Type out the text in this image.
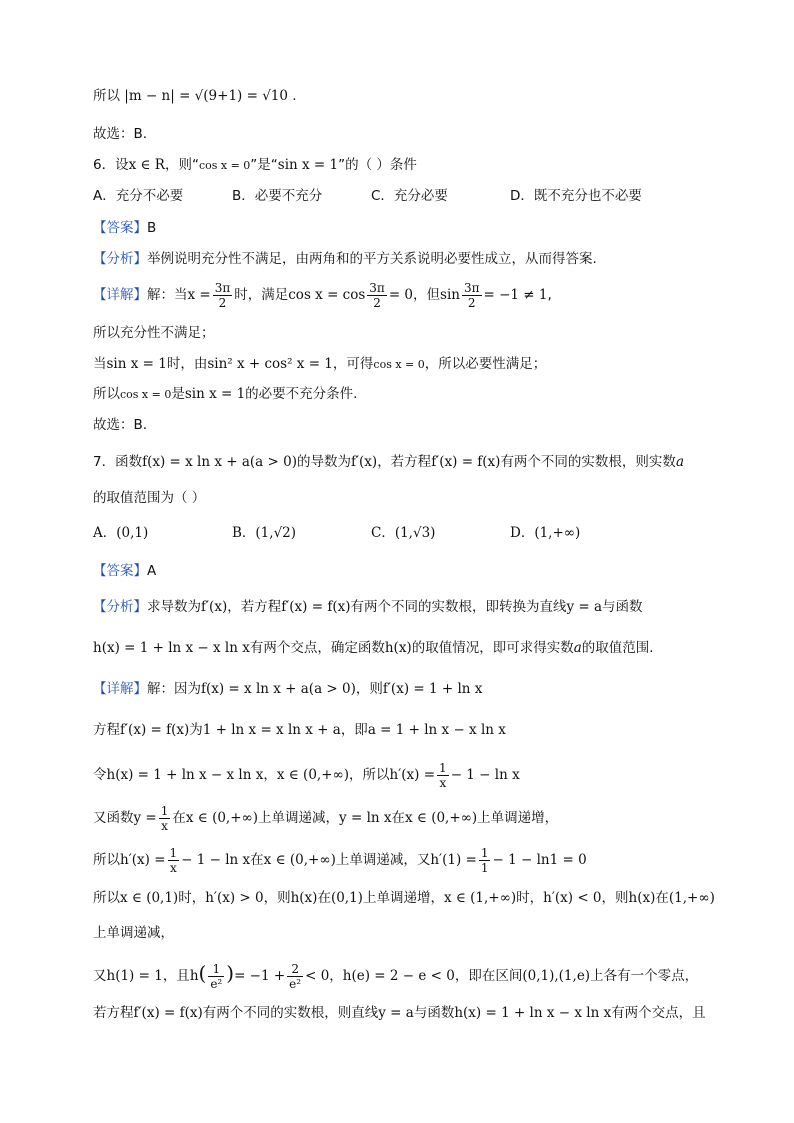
所以 |m − n| = √(9+1) = √10 .
故选：B.
6．设x ∈ R，则“cos x = 0”是“sin x = 1”的（ ）条件
A．充分不必要	B．必要不充分	C．充分必要	D．既不充分也不必要
【答案】B
【分析】举例说明充分性不满足，由两角和的平方关系说明必要性成立，从而得答案.
【详解】解：当$x = \frac{3\pi}{2}$ 时，满足$\cos x = \cos \frac{3\pi}{2} = 0$，但$\sin \frac{3\pi}{2} = -1 \ne 1$,
所以充分性不满足；
当sin x = 1时，由sin² x + cos² x = 1，可得cos x = 0，所以必要性满足；
所以cos x = 0是sin x = 1的必要不充分条件.
故选：B.
7．函数f(x) = x ln x + a(a > 0)的导数为f′(x)，若方程f′(x) = f(x)有两个不同的实数根，则实数a
的取值范围为（ ）
A．(0,1)	B．(1,√2)	C．(1,√3)	D．(1,+∞)
【答案】A
【分析】求导数为f′(x)，若方程f′(x) = f(x)有两个不同的实数根，即转换为直线y = a与函数
h(x) = 1 + ln x − x ln x有两个交点，确定函数h(x)的取值情况，即可求得实数a的取值范围.
【详解】解：因为f(x) = x ln x + a(a > 0)，则f′(x) = 1 + ln x
方程f′(x) = f(x)为1 + ln x = x ln x + a，即a = 1 + ln x − x ln x
令h(x) = 1 + ln x − x ln x，x ∈ (0,+∞)，所以$h'(x) = \frac{1}{x} - 1 - \ln x$
又函数$y = \frac{1}{x}$ 在x ∈ (0,+∞)上单调递减，y = ln x在x ∈ (0,+∞)上单调递增，
所以$h'(x) = \frac{1}{x} - 1 - \ln x$在x ∈ (0,+∞)上单调递减，又$h'(1) = \frac{1}{1} - 1 - \ln 1 = 0$
所以x ∈ (0,1)时，h′(x) > 0，则h(x)在(0,1)上单调递增，x ∈ (1,+∞)时，h′(x) < 0，则h(x)在(1,+∞)
上单调递减，
又h(1) = 1，且$h( \frac{1}{\text{e²}}$ )= $-1 + \frac{2}{\text{e²}} < 0$，h(e) = 2 − e < 0，即在区间(0,1),(1,e)上各有一个零点，
若方程f′(x) = f(x)有两个不同的实数根，则直线y = a与函数h(x) = 1 + ln x − x ln x有两个交点，且
